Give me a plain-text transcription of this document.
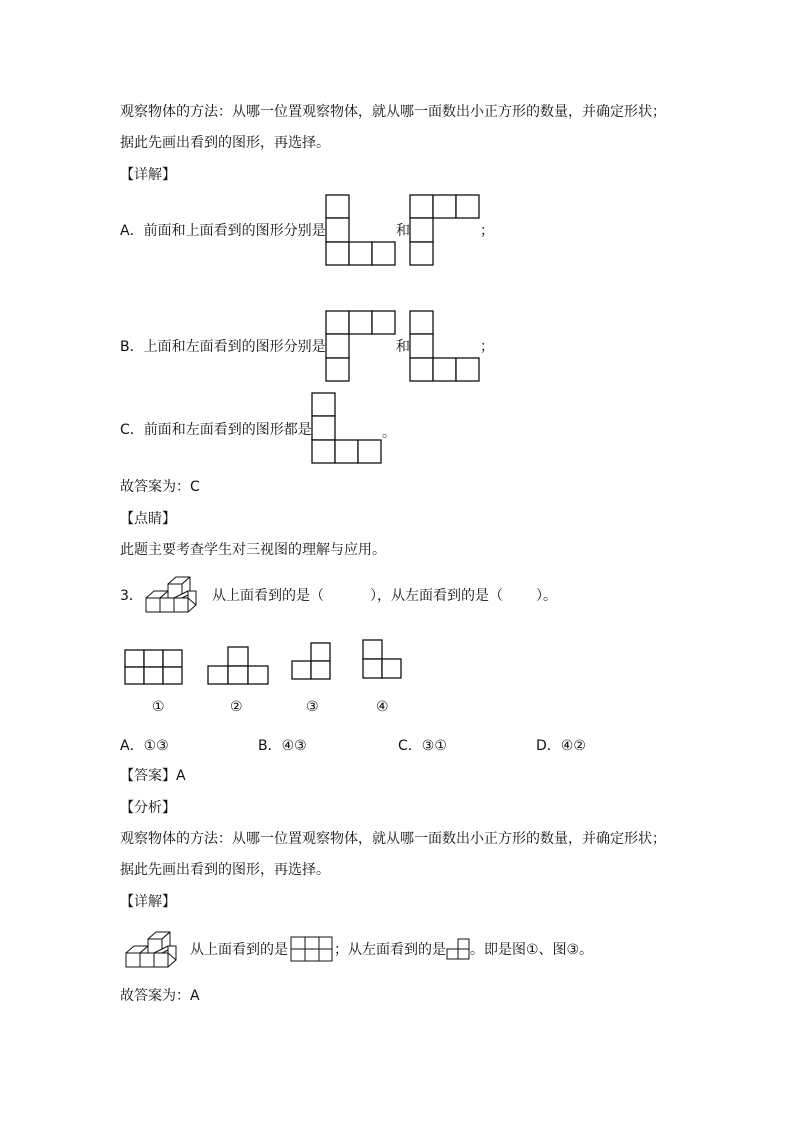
观察物体的方法：从哪一位置观察物体，就从哪一面数出小正方形的数量，并确定形状；
据此先画出看到的图形，再选择。
【详解】
A．前面和上面看到的图形分别是	和	；
B．上面和左面看到的图形分别是	和	；
C．前面和左面看到的图形都是	。
故答案为：C
【点睛】
此题主要考查学生对三视图的理解与应用。
3．	从上面看到的是（	），从左面看到的是（ ）。
①	②	③	④
A．①③	B．④③	C．③①	D．④②
【答案】A
【分析】
观察物体的方法：从哪一位置观察物体，就从哪一面数出小正方形的数量，并确定形状；
据此先画出看到的图形，再选择。
【详解】
从上面看到的是	；从左面看到的是 。即是图①、图③。
故答案为：A
